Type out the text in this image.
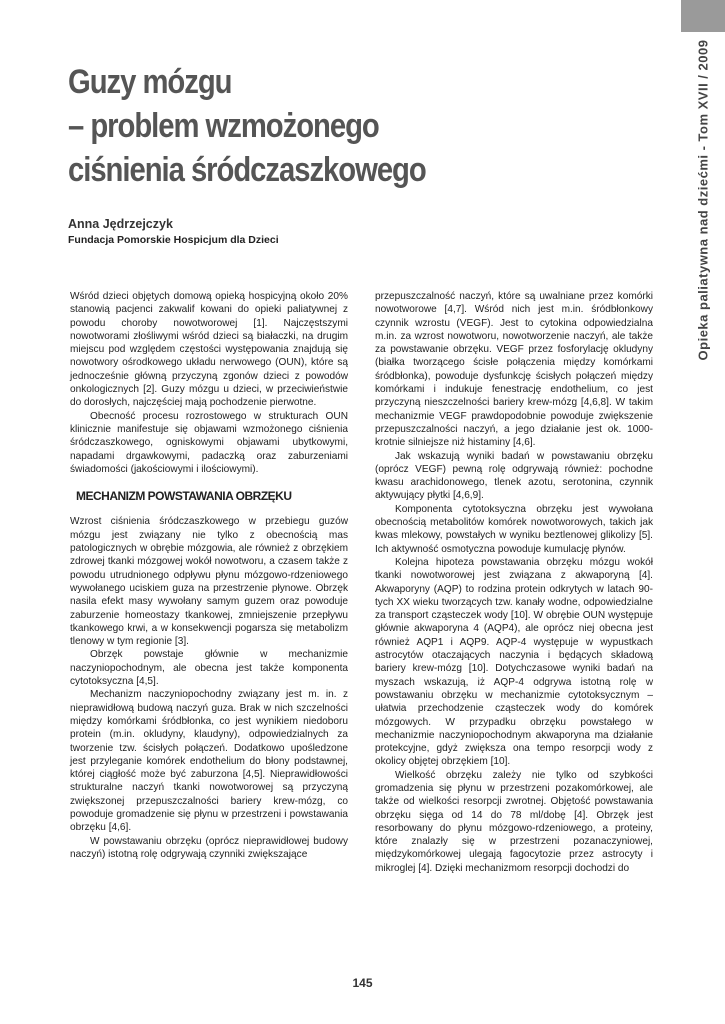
Opieka paliatywna nad dziećmi - Tom XVII / 2009
Guzy mózgu
– problem wzmożonego
ciśnienia śródczaszkowego
Anna Jędrzejczyk
Fundacja Pomorskie Hospicjum dla Dzieci

Wśród dzieci objętych domową opieką hospicyjną około 20% stanowią pacjenci zakwalif kowani do opieki paliatywnej z powodu choroby nowotworowej [1]. Najczęstszymi nowotworami złośliwymi wśród dzieci są białaczki, na drugim miejscu pod względem częstości występowania znajdują się nowotwory ośrodkowego układu nerwowego (OUN), które są jednocześnie główną przyczyną zgonów dzieci z powodów onkologicznych [2]. Guzy mózgu u dzieci, w przeciwieństwie do dorosłych, najczęściej mają pochodzenie pierwotne.

Obecność procesu rozrostowego w strukturach OUN klinicznie manifestuje się objawami wzmożonego ciśnienia śródczaszkowego, ogniskowymi objawami ubytkowymi, napadami drgawkowymi, padaczką oraz zaburzeniami świadomości (jakościowymi i ilościowymi).

MECHANIZM POWSTAWANIA OBRZĘKU

Wzrost ciśnienia śródczaszkowego w przebiegu guzów mózgu jest związany nie tylko z obecnością mas patologicznych w obrębie mózgowia, ale również z obrzękiem zdrowej tkanki mózgowej wokół nowotworu, a czasem także z powodu utrudnionego odpływu płynu mózgowo-rdzeniowego wywołanego uciskiem guza na przestrzenie płynowe. Obrzęk nasila efekt masy wywołany samym guzem oraz powoduje zaburzenie homeostazy tkankowej, zmniejszenie przepływu tkankowego krwi, a w konsekwencji pogarsza się metabolizm tlenowy w tym regionie [3].

Obrzęk powstaje głównie w mechanizmie naczyniopochodnym, ale obecna jest także komponenta cytotoksyczna [4,5].

Mechanizm naczyniopochodny związany jest m. in. z nieprawidłową budową naczyń guza. Brak w nich szczelności między komórkami śródbłonka, co jest wynikiem niedoboru protein (m.in. okludyny, klaudyny), odpowiedzialnych za tworzenie tzw. ścisłych połączeń. Dodatkowo upośledzone jest przyleganie komórek endothelium do błony podstawnej, której ciągłość może być zaburzona [4,5]. Nieprawidłowości strukturalne naczyń tkanki nowotworowej są przyczyną zwiększonej przepuszczalności bariery krew-mózg, co powoduje gromadzenie się płynu w przestrzeni i powstawania obrzęku [4,6].

W powstawaniu obrzęku (oprócz nieprawidłowej budowy naczyń) istotną rolę odgrywają czynniki zwiększające

przepuszczalność naczyń, które są uwalniane przez komórki nowotworowe [4,7]. Wśród nich jest m.in. śródbłonkowy czynnik wzrostu (VEGF). Jest to cytokina odpowiedzialna m.in. za wzrost nowotworu, nowotworzenie naczyń, ale także za powstawanie obrzęku. VEGF przez fosforylację okludyny (białka tworzącego ścisłe połączenia między komórkami śródbłonka), powoduje dysfunkcję ścisłych połączeń między komórkami i indukuje fenestrację endothelium, co jest przyczyną nieszczelności bariery krew-mózg [4,6,8]. W takim mechanizmie VEGF prawdopodobnie powoduje zwiększenie przepuszczalności naczyń, a jego działanie jest ok. 1000-krotnie silniejsze niż histaminy [4,6].

Jak wskazują wyniki badań w powstawaniu obrzęku (oprócz VEGF) pewną rolę odgrywają również: pochodne kwasu arachidonowego, tlenek azotu, serotonina, czynnik aktywujący płytki [4,6,9].

Komponenta cytotoksyczna obrzęku jest wywołana obecnością metabolitów komórek nowotworowych, takich jak kwas mlekowy, powstałych w wyniku beztlenowej glikolizy [5]. Ich aktywność osmotyczna powoduje kumulację płynów.

Kolejna hipoteza powstawania obrzęku mózgu wokół tkanki nowotworowej jest związana z akwaporyną [4]. Akwaporyny (AQP) to rodzina protein odkrytych w latach 90-tych XX wieku tworzących tzw. kanały wodne, odpowiedzialne za transport cząsteczek wody [10]. W obrębie OUN występuje głównie akwaporyna 4 (AQP4), ale oprócz niej obecna jest również AQP1 i AQP9. AQP-4 występuje w wypustkach astrocytów otaczających naczynia i będących składową bariery krew-mózg [10]. Dotychczasowe wyniki badań na myszach wskazują, iż AQP-4 odgrywa istotną rolę w powstawaniu obrzęku w mechanizmie cytotoksycznym – ułatwia przechodzenie cząsteczek wody do komórek mózgowych. W przypadku obrzęku powstałego w mechanizmie naczyniopochodnym akwaporyna ma działanie protekcyjne, gdyż zwiększa ona tempo resorpcji wody z okolicy objętej obrzękiem [10].

Wielkość obrzęku zależy nie tylko od szybkości gromadzenia się płynu w przestrzeni pozakomórkowej, ale także od wielkości resorpcji zwrotnej. Objętość powstawania obrzęku sięga od 14 do 78 ml/dobę [4]. Obrzęk jest resorbowany do płynu mózgowo-rdzeniowego, a proteiny, które znalazły się w przestrzeni pozanaczyniowej, międzykomórkowej ulegają fagocytozie przez astrocyty i mikroglej [4]. Dzięki mechanizmom resorpcji dochodzi do

145
